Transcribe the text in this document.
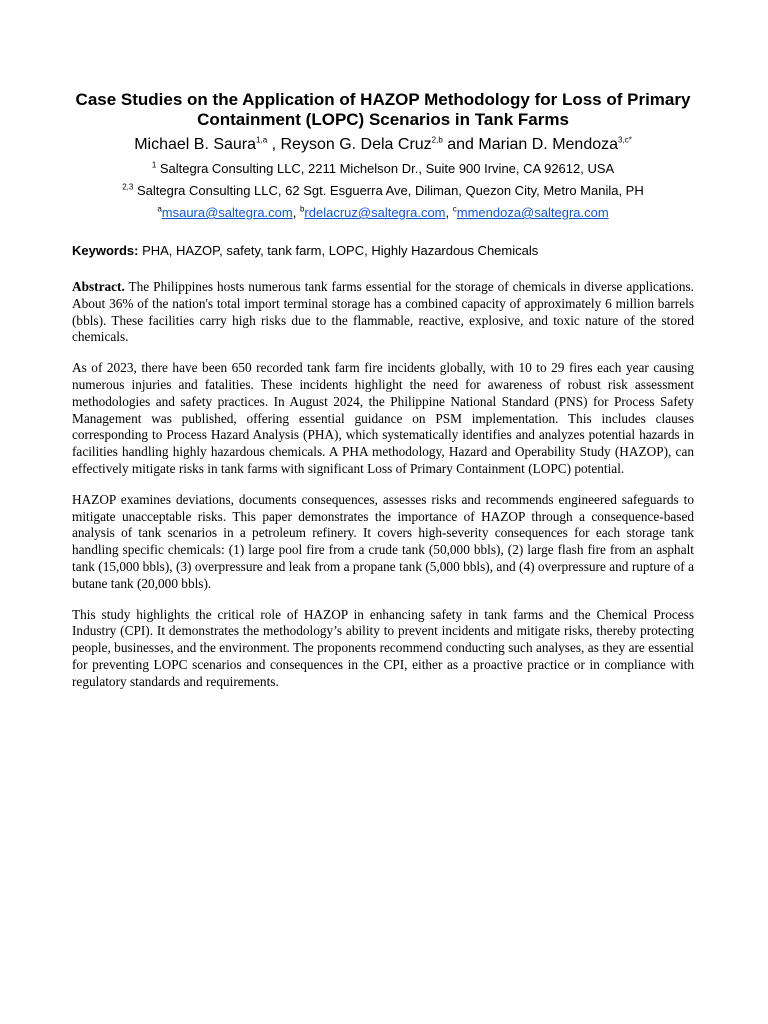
Case Studies on the Application of HAZOP Methodology for Loss of Primary Containment (LOPC) Scenarios in Tank Farms
Michael B. Saura$^{1,a}$ , Reyson G. Dela Cruz$^{2,b}$ and Marian D. Mendoza$^{3,c*}$
$^1$ Saltegra Consulting LLC, 2211 Michelson Dr., Suite 900 Irvine, CA 92612, USA
$^{2,3}$ Saltegra Consulting LLC, 62 Sgt. Esguerra Ave, Diliman, Quezon City, Metro Manila, PH
$^a$msaura@saltegra.com, $^b$rdelacruz@saltegra.com, $^c$mmendoza@saltegra.com
Keywords: PHA, HAZOP, safety, tank farm, LOPC, Highly Hazardous Chemicals

Abstract. The Philippines hosts numerous tank farms essential for the storage of chemicals in diverse applications. About 36% of the nation's total import terminal storage has a combined capacity of approximately 6 million barrels (bbls). These facilities carry high risks due to the flammable, reactive, explosive, and toxic nature of the stored chemicals.

As of 2023, there have been 650 recorded tank farm fire incidents globally, with 10 to 29 fires each year causing numerous injuries and fatalities. These incidents highlight the need for awareness of robust risk assessment methodologies and safety practices. In August 2024, the Philippine National Standard (PNS) for Process Safety Management was published, offering essential guidance on PSM implementation. This includes clauses corresponding to Process Hazard Analysis (PHA), which systematically identifies and analyzes potential hazards in facilities handling highly hazardous chemicals. A PHA methodology, Hazard and Operability Study (HAZOP), can effectively mitigate risks in tank farms with significant Loss of Primary Containment (LOPC) potential.

HAZOP examines deviations, documents consequences, assesses risks and recommends engineered safeguards to mitigate unacceptable risks. This paper demonstrates the importance of HAZOP through a consequence-based analysis of tank scenarios in a petroleum refinery. It covers high-severity consequences for each storage tank handling specific chemicals: (1) large pool fire from a crude tank (50,000 bbls), (2) large flash fire from an asphalt tank (15,000 bbls), (3) overpressure and leak from a propane tank (5,000 bbls), and (4) overpressure and rupture of a butane tank (20,000 bbls).

This study highlights the critical role of HAZOP in enhancing safety in tank farms and the Chemical Process Industry (CPI). It demonstrates the methodology’s ability to prevent incidents and mitigate risks, thereby protecting people, businesses, and the environment. The proponents recommend conducting such analyses, as they are essential for preventing LOPC scenarios and consequences in the CPI, either as a proactive practice or in compliance with regulatory standards and requirements.
